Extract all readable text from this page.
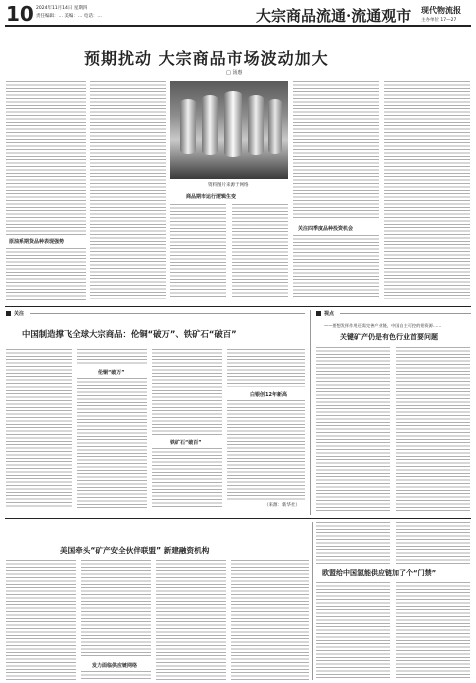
10 2024年11月14日 星期四
责任编辑：… 美编：… 电话：…	大宗商品流通·流通观市 现代物流报
主办单位 17—27
预期扰动 大宗商品市场波动加大
□ 汤惠
原油系期货品种表现强势
资料图片来源于网络
商品期市运行逻辑生变
关注四季度品种投资机会
关注
中国制造撑飞全球大宗商品：伦铜“破万”、铁矿石“破百”
伦铜“破万”
铁矿石“破百”
白银创12年新高
（来源：新华社）
视点
——要想发挥作用还需完善产业链，中国自主可控的钼资源……
关键矿产仍是有色行业首要问题
美国牵头“矿产安全伙伴联盟” 新建融资机构
发力面临供应链网络
欧盟给中国氢能供应链加了个“门禁”
